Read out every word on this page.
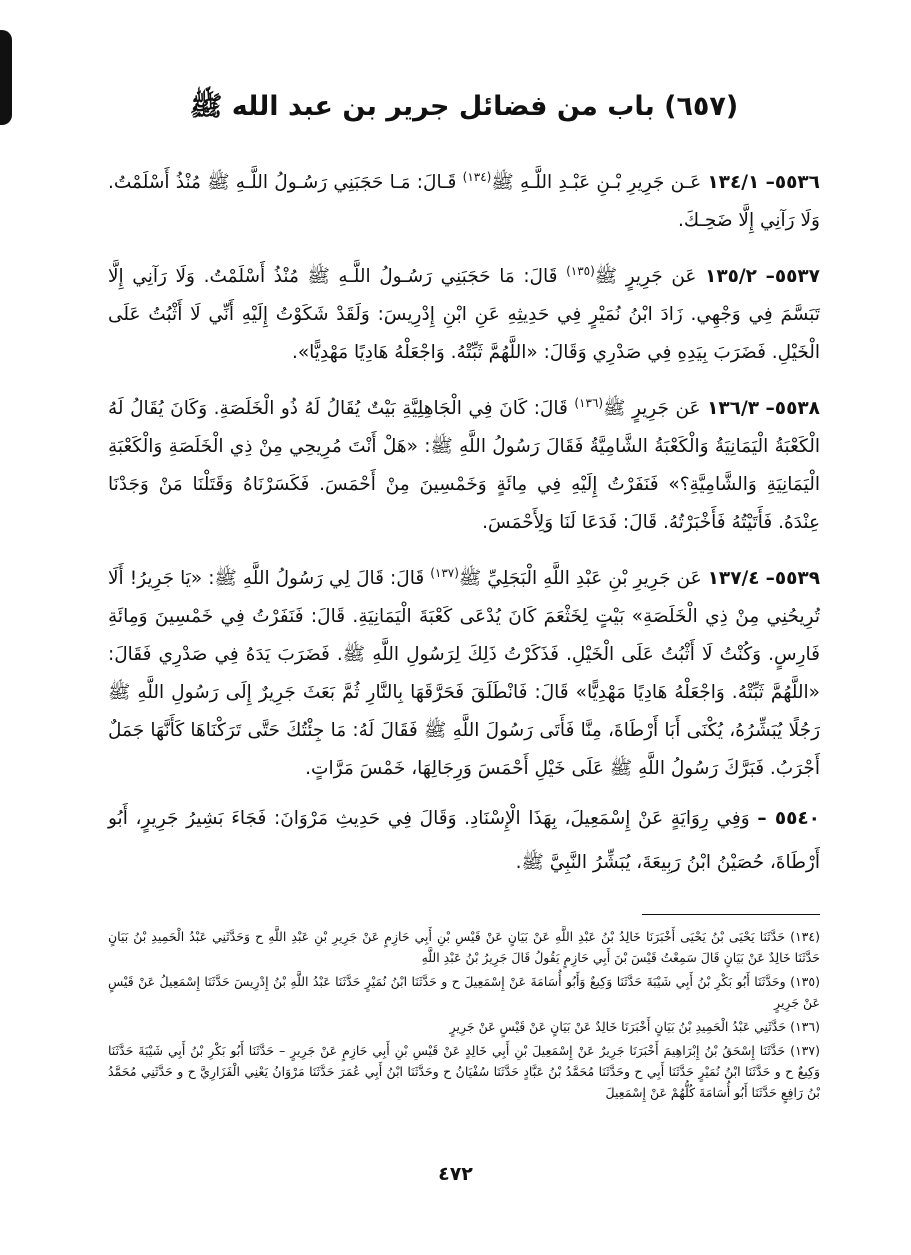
(٦٥٧) باب من فضائل جرير بن عبد الله ﷺ

٥٥٣٦– ١٣٤/١ عَـن جَرِيرِ بْـنِ عَبْـدِ اللَّـهِ ﷺ$^{(١٣٤)}$ قَـالَ: مَـا حَجَبَنِي رَسُـولُ اللَّـهِ ﷺ مُنْذُ أَسْلَمْتُ. وَلَا رَآنِي إِلَّا ضَحِـكَ.

٥٥٣٧– ١٣٥/٢ عَن جَرِيرٍ ﷺ$^{(١٣٥)}$ قَالَ: مَا حَجَبَنِي رَسُـولُ اللَّـهِ ﷺ مُنْذُ أَسْلَمْتُ. وَلَا رَآنِي إِلَّا تَبَسَّمَ فِي وَجْهِي. زَادَ ابْنُ نُمَيْرٍ فِي حَدِيثِهِ عَنِ ابْنِ إِدْرِيسَ: وَلَقَدْ شَكَوْتُ إِلَيْهِ أَنِّي لَا أَثْبُتُ عَلَى الْخَيْلِ. فَضَرَبَ بِيَدِهِ فِي صَدْرِي وَقَالَ: «اللَّهُمَّ ثَبِّتْهُ. وَاجْعَلْهُ هَادِيًا مَهْدِيًّا».

٥٥٣٨– ١٣٦/٣ عَن جَرِيرٍ ﷺ$^{(١٣٦)}$ قَالَ: كَانَ فِي الْجَاهِلِيَّةِ بَيْتٌ يُقَالُ لَهُ ذُو الْخَلَصَةِ. وَكَانَ يُقَالُ لَهُ الْكَعْبَةُ الْيَمَانِيَةُ وَالْكَعْبَةُ الشَّامِيَّةُ فَقَالَ رَسُولُ اللَّهِ ﷺ: «هَلْ أَنْتَ مُرِيحِي مِنْ ذِي الْخَلَصَةِ وَالْكَعْبَةِ الْيَمَانِيَةِ وَالشَّامِيَّةِ؟» فَنَفَرْتُ إِلَيْهِ فِي مِائَةٍ وَخَمْسِينَ مِنْ أَحْمَسَ. فَكَسَرْنَاهُ وَقَتَلْنَا مَنْ وَجَدْنَا عِنْدَهُ. فَأَتَيْتُهُ فَأَخْبَرْتُهُ. قَالَ: فَدَعَا لَنَا وَلِأَحْمَسَ.

٥٥٣٩– ١٣٧/٤ عَن جَرِيرِ بْنِ عَبْدِ اللَّهِ الْبَجَلِيِّ ﷺ$^{(١٣٧)}$ قَالَ: قَالَ لِي رَسُولُ اللَّهِ ﷺ: «يَا جَرِيرُ! أَلَا تُرِيحُنِي مِنْ ذِي الْخَلَصَةِ» بَيْتٍ لِخَثْعَمَ كَانَ يُدْعَى كَعْبَةَ الْيَمَانِيَةِ. قَالَ: فَنَفَرْتُ فِي خَمْسِينَ وَمِائَةِ فَارِسٍ. وَكُنْتُ لَا أَثْبُتُ عَلَى الْخَيْلِ. فَذَكَرْتُ ذَلِكَ لِرَسُولِ اللَّهِ ﷺ. فَضَرَبَ يَدَهُ فِي صَدْرِي فَقَالَ: «اللَّهُمَّ ثَبِّتْهُ. وَاجْعَلْهُ هَادِيًا مَهْدِيًّا» قَالَ: فَانْطَلَقَ فَحَرَّقَهَا بِالنَّارِ ثُمَّ بَعَثَ جَرِيرٌ إِلَى رَسُولِ اللَّهِ ﷺ رَجُلًا يُبَشِّرُهُ، يُكْنَى أَبَا أَرْطَاةَ، مِنَّا فَأَتَى رَسُولَ اللَّهِ ﷺ فَقَالَ لَهُ: مَا جِئْتُكَ حَتَّى تَرَكْنَاهَا كَأَنَّهَا جَمَلٌ أَجْرَبُ. فَبَرَّكَ رَسُولُ اللَّهِ ﷺ عَلَى خَيْلِ أَحْمَسَ وَرِجَالِهَا، خَمْسَ مَرَّاتٍ.

٥٥٤٠ – وَفِي رِوَايَةٍ عَنْ إِسْمَعِيلَ، بِهَذَا الْإِسْنَادِ. وَقَالَ فِي حَدِيثِ مَرْوَانَ: فَجَاءَ بَشِيرُ جَرِيرٍ، أَبُو أَرْطَاةَ، حُصَيْنُ ابْنُ رَبِيعَةَ، يُبَشِّرُ النَّبِيَّ ﷺ.

(١٣٤) حَدَّثَنَا يَحْيَى بْنُ يَحْيَى أَخْبَرَنَا خَالِدُ بْنُ عَبْدِ اللَّهِ عَنْ بَيَانٍ عَنْ قَيْسِ بْنِ أَبِي حَازِمٍ عَنْ جَرِيرِ بْنِ عَبْدِ اللَّهِ ح وَحَدَّثَنِي عَبْدُ الْحَمِيدِ بْنُ بَيَانٍ حَدَّثَنَا خَالِدٌ عَنْ بَيَانٍ قَالَ سَمِعْتُ قَيْسَ بْنَ أَبِي حَازِمٍ يَقُولُ قَالَ جَرِيرُ بْنُ عَبْدِ اللَّهِ

(١٣٥) وحَدَّثَنَا أَبُو بَكْرِ بْنُ أَبِي شَيْبَةَ حَدَّثَنَا وَكِيعٌ وَأَبُو أُسَامَةَ عَنْ إِسْمَعِيلَ ح و حَدَّثَنَا ابْنُ نُمَيْرٍ حَدَّثَنَا عَبْدُ اللَّهِ بْنُ إِدْرِيسَ حَدَّثَنَا إِسْمَعِيلُ عَنْ قَيْسٍ عَنْ جَرِيرٍ

(١٣٦) حَدَّثَنِي عَبْدُ الْحَمِيدِ بْنُ بَيَانٍ أَخْبَرَنَا خَالِدٌ عَنْ بَيَانٍ عَنْ قَيْسٍ عَنْ جَرِيرٍ

(١٣٧) حَدَّثَنَا إِسْحَقُ بْنُ إِبْرَاهِيمَ أَخْبَرَنَا جَرِيرٌ عَنْ إِسْمَعِيلَ بْنِ أَبِي خَالِدٍ عَنْ قَيْسِ بْنِ أَبِي حَازِمٍ عَنْ جَرِيرٍ – حَدَّثَنَا أَبُو بَكْرِ بْنُ أَبِي شَيْبَةَ حَدَّثَنَا وَكِيعٌ ح و حَدَّثَنَا ابْنُ نُمَيْرٍ حَدَّثَنَا أَبِي ح وحَدَّثَنَا مُحَمَّدُ بْنُ عَبَّادٍ حَدَّثَنَا سُفْيَانُ ح وحَدَّثَنَا ابْنُ أَبِي عُمَرَ حَدَّثَنَا مَرْوَانُ يَعْنِي الْفَزَارِيَّ ح و حَدَّثَنِي مُحَمَّدُ بْنُ رَافِعٍ حَدَّثَنَا أَبُو أُسَامَةَ كُلُّهُمْ عَنْ إِسْمَعِيلَ

٤٧٢
